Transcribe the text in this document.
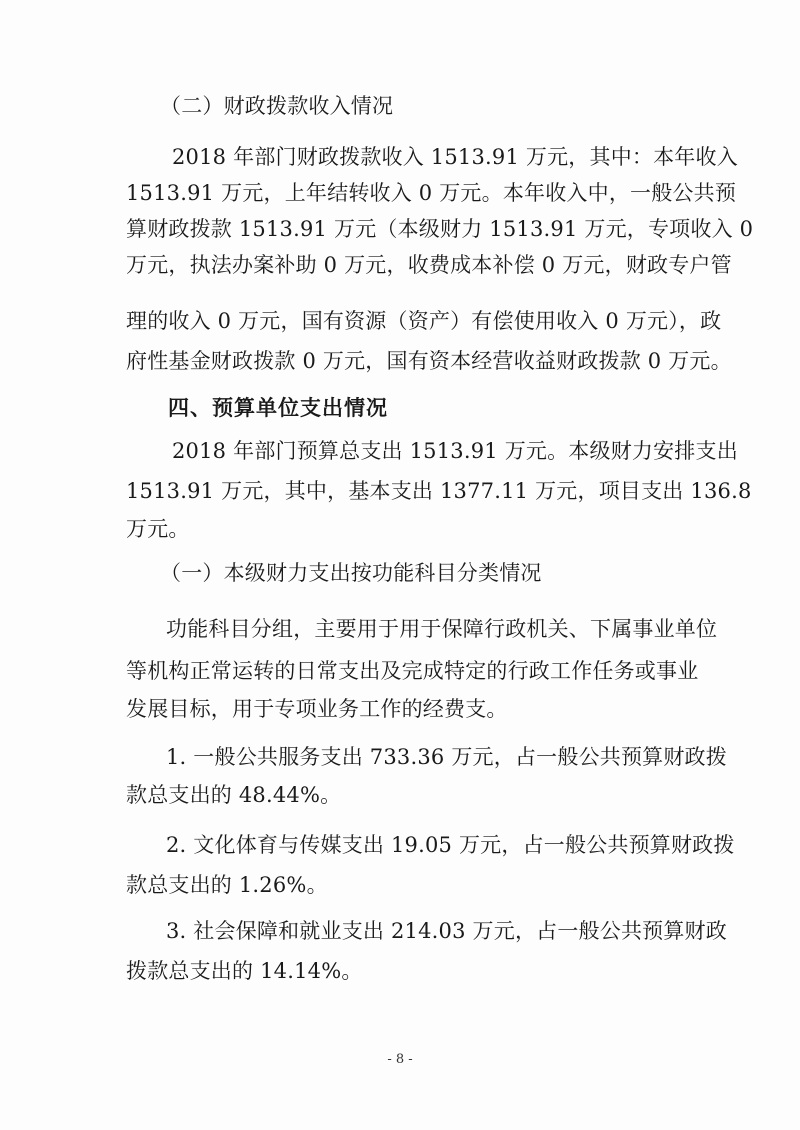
（二）财政拨款收入情况
2018 年部门财政拨款收入 1513.91 万元，其中：本年收入
1513.91 万元，上年结转收入 0 万元。本年收入中，一般公共预
算财政拨款 1513.91 万元（本级财力 1513.91 万元，专项收入 0
万元，执法办案补助 0 万元，收费成本补偿 0 万元，财政专户管
理的收入 0 万元，国有资源（资产）有偿使用收入 0 万元），政
府性基金财政拨款 0 万元，国有资本经营收益财政拨款 0 万元。
四、预算单位支出情况
2018 年部门预算总支出 1513.91 万元。本级财力安排支出
1513.91 万元，其中，基本支出 1377.11 万元，项目支出 136.8
万元。
（一）本级财力支出按功能科目分类情况
功能科目分组，主要用于用于保障行政机关、下属事业单位
等机构正常运转的日常支出及完成特定的行政工作任务或事业
发展目标，用于专项业务工作的经费支。
1. 一般公共服务支出 733.36 万元，占一般公共预算财政拨
款总支出的 48.44%。
2. 文化体育与传媒支出 19.05 万元，占一般公共预算财政拨
款总支出的 1.26%。
3. 社会保障和就业支出 214.03 万元，占一般公共预算财政
拨款总支出的 14.14%。
- 8 -
